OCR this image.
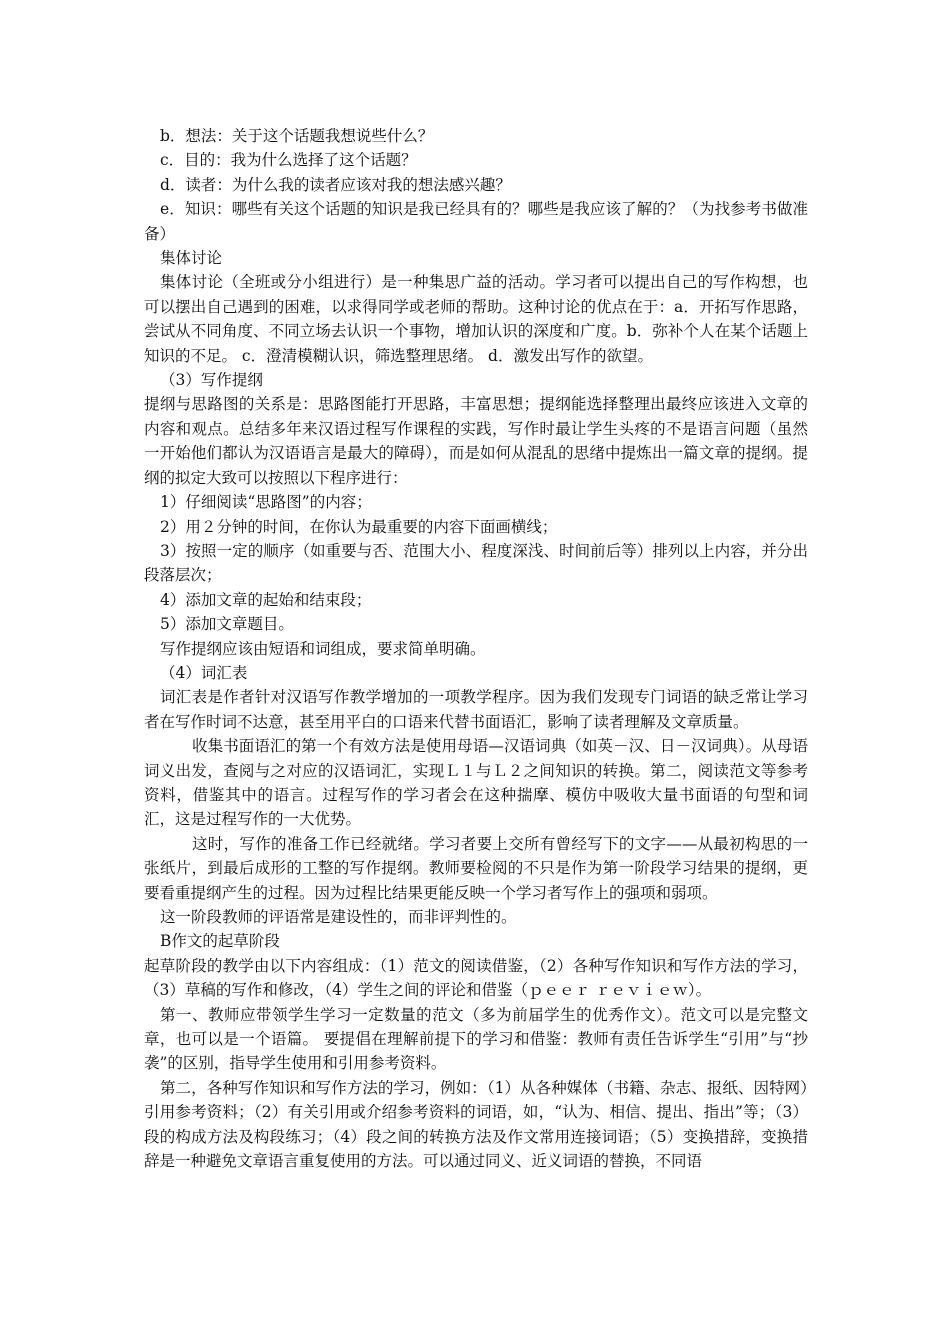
b．想法：关于这个话题我想说些什么？

c．目的：我为什么选择了这个话题？

d．读者：为什么我的读者应该对我的想法感兴趣？

e．知识：哪些有关这个话题的知识是我已经具有的？哪些是我应该了解的？（为找参考书做准备）

集体讨论

集体讨论（全班或分小组进行）是一种集思广益的活动。学习者可以提出自己的写作构想，也可以摆出自己遇到的困难，以求得同学或老师的帮助。这种讨论的优点在于：a．开拓写作思路，尝试从不同角度、不同立场去认识一个事物，增加认识的深度和广度。b．弥补个人在某个话题上知识的不足。 c．澄清模糊认识，筛选整理思绪。 d．激发出写作的欲望。

（3）写作提纲

提纲与思路图的关系是：思路图能打开思路，丰富思想；提纲能选择整理出最终应该进入文章的内容和观点。总结多年来汉语过程写作课程的实践，写作时最让学生头疼的不是语言问题（虽然一开始他们都认为汉语语言是最大的障碍），而是如何从混乱的思绪中提炼出一篇文章的提纲。提纲的拟定大致可以按照以下程序进行：

1）仔细阅读“思路图”的内容；

2）用２分钟的时间，在你认为最重要的内容下面画横线；

3）按照一定的顺序（如重要与否、范围大小、程度深浅、时间前后等）排列以上内容，并分出段落层次；

4）添加文章的起始和结束段；

5）添加文章题目。

写作提纲应该由短语和词组成，要求简单明确。

（4）词汇表

词汇表是作者针对汉语写作教学增加的一项教学程序。因为我们发现专门词语的缺乏常让学习者在写作时词不达意，甚至用平白的口语来代替书面语汇，影响了读者理解及文章质量。

收集书面语汇的第一个有效方法是使用母语—汉语词典（如英－汉、日－汉词典）。从母语词义出发，查阅与之对应的汉语词汇，实现Ｌ１与Ｌ２之间知识的转换。第二，阅读范文等参考资料，借鉴其中的语言。过程写作的学习者会在这种揣摩、模仿中吸收大量书面语的句型和词汇，这是过程写作的一大优势。

这时，写作的准备工作已经就绪。学习者要上交所有曾经写下的文字——从最初构思的一张纸片，到最后成形的工整的写作提纲。教师要检阅的不只是作为第一阶段学习结果的提纲，更要看重提纲产生的过程。因为过程比结果更能反映一个学习者写作上的强项和弱项。

这一阶段教师的评语常是建设性的，而非评判性的。

B作文的起草阶段

起草阶段的教学由以下内容组成：（1）范文的阅读借鉴，（2）各种写作知识和写作方法的学习，（3）草稿的写作和修改，（4）学生之间的评论和借鉴（ｐｅｅｒ ｒｅｖｉｅｗ）。

第一、教师应带领学生学习一定数量的范文（多为前届学生的优秀作文）。范文可以是完整文章，也可以是一个语篇。 要提倡在理解前提下的学习和借鉴：教师有责任告诉学生“引用”与“抄袭”的区别，指导学生使用和引用参考资料。

第二，各种写作知识和写作方法的学习，例如：（1）从各种媒体（书籍、杂志、报纸、因特网）引用参考资料；（2）有关引用或介绍参考资料的词语，如，“认为、相信、提出、指出”等；（3）段的构成方法及构段练习；（4）段之间的转换方法及作文常用连接词语；（5）变换措辞，变换措辞是一种避免文章语言重复使用的方法。可以通过同义、近义词语的替换，不同语
